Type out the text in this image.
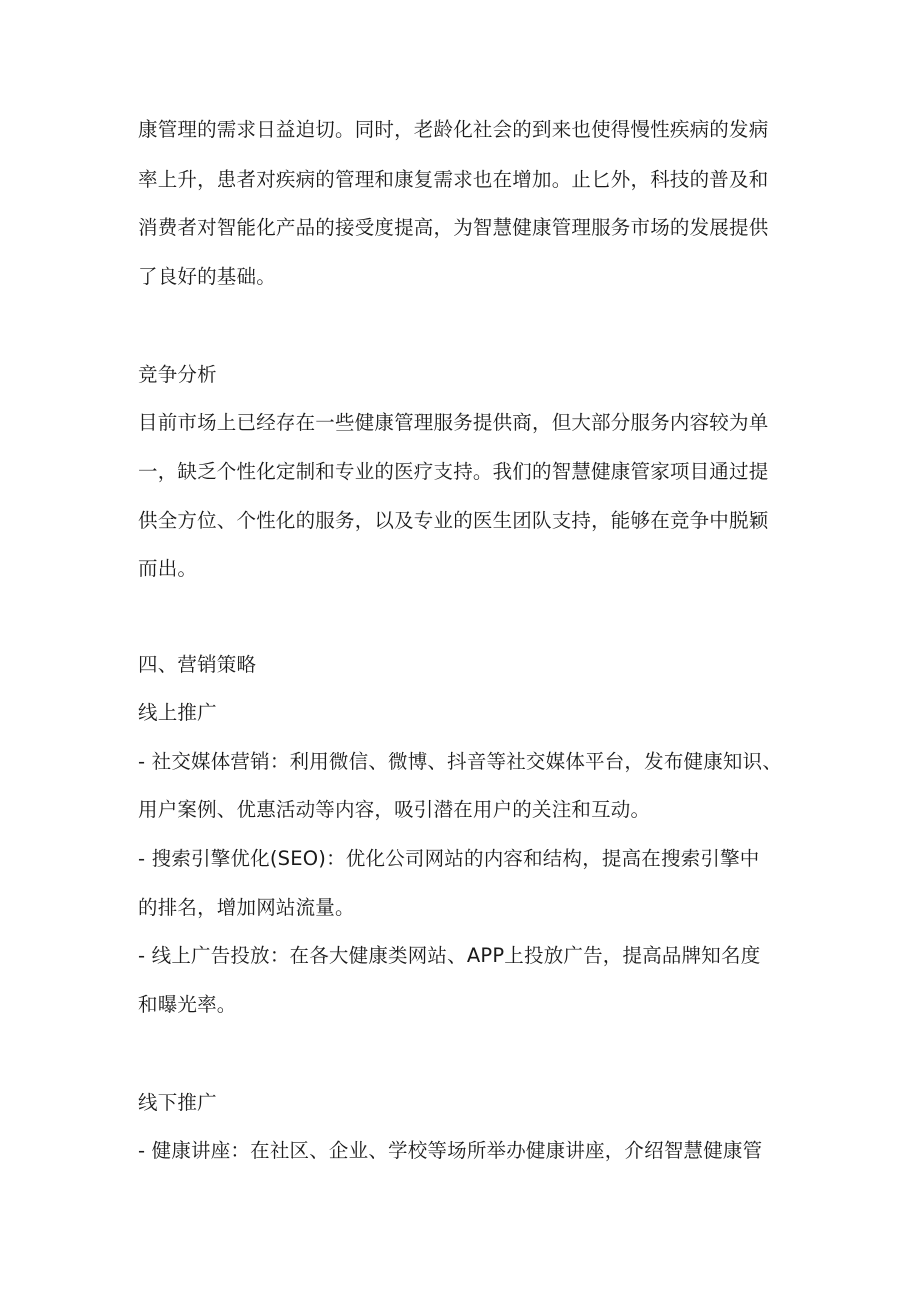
康管理的需求日益迫切。同时，老龄化社会的到来也使得慢性疾病的发病
率上升，患者对疾病的管理和康复需求也在增加。止匕外，科技的普及和
消费者对智能化产品的接受度提高，为智慧健康管理服务市场的发展提供
了良好的基础。
竞争分析
目前市场上已经存在一些健康管理服务提供商，但大部分服务内容较为单
一，缺乏个性化定制和专业的医疗支持。我们的智慧健康管家项目通过提
供全方位、个性化的服务，以及专业的医生团队支持，能够在竞争中脱颖
而出。
四、营销策略
线上推广
- 社交媒体营销：利用微信、微博、抖音等社交媒体平台，发布健康知识、
用户案例、优惠活动等内容，吸引潜在用户的关注和互动。
- 搜索引擎优化(SEO)：优化公司网站的内容和结构，提高在搜索引擎中
的排名，增加网站流量。
- 线上广告投放：在各大健康类网站、APP上投放广告，提高品牌知名度
和曝光率。
线下推广
- 健康讲座：在社区、企业、学校等场所举办健康讲座，介绍智慧健康管
